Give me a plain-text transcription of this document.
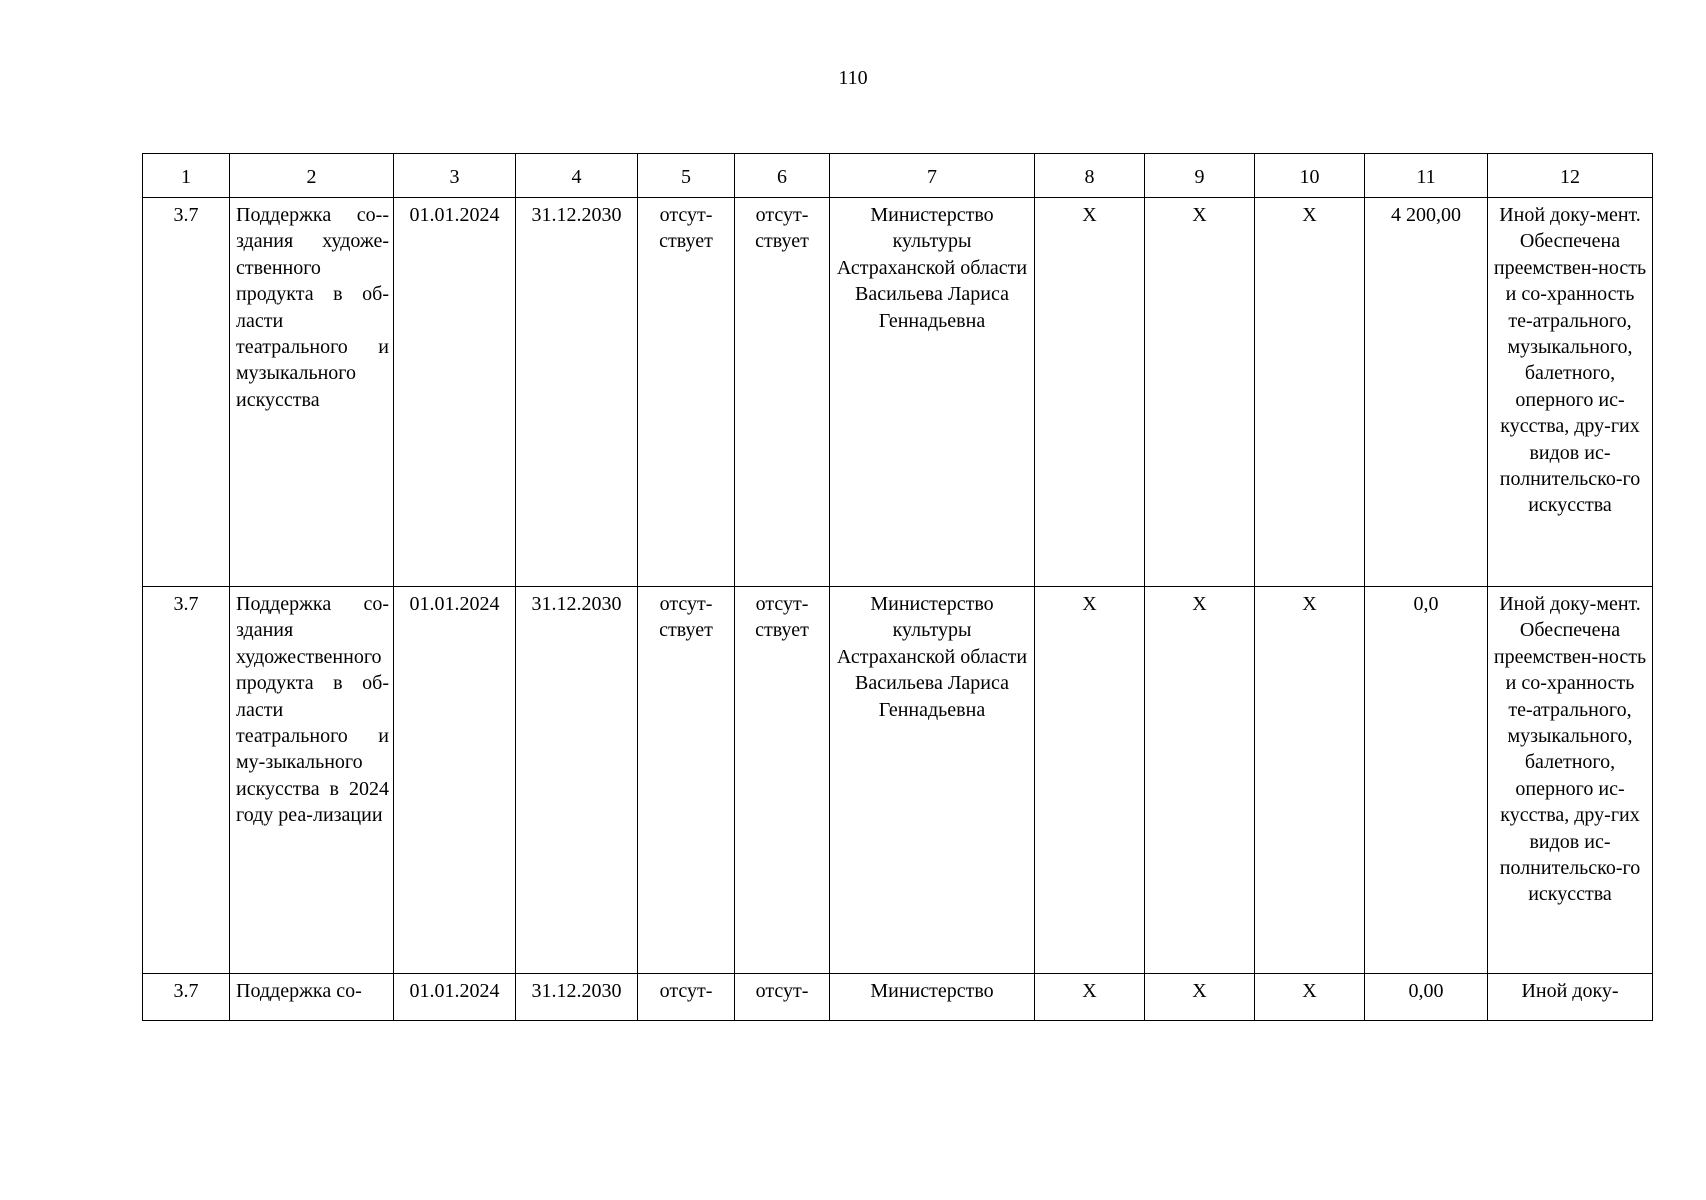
110
1	2	3	4	5	6	7	8	9	10	11	12
3.7	Поддержка со-здания художественного продукта в области театрального и музыкального искусства	01.01.2024	31.12.2030	отсут-ствует	отсут-ствует	Министерство культуры Астраханской области Васильева Лариса Геннадьевна	X	X	X	4 200,00	Иной доку-мент. Обеспечена преемствен-ность и со-хранность те-атрального, музыкального, балетного, оперного ис-кусства, дру-гих видов ис-полнительско-го искусства
3.7	Поддержка со-здания художественного продукта в об-ласти театрального и му-зыкального искусства в 2024 году реа-лизации	01.01.2024	31.12.2030	отсут-ствует	отсут-ствует	Министерство культуры Астраханской области Васильева Лариса Геннадьевна	X	X	X	0,0	Иной доку-мент. Обеспечена преемствен-ность и со-хранность те-атрального, музыкального, балетного, оперного ис-кусства, дру-гих видов ис-полнительско-го искусства
3.7	Поддержка со-	01.01.2024	31.12.2030	отсут-	отсут-	Министерство	X	X	X	0,00	Иной доку-
